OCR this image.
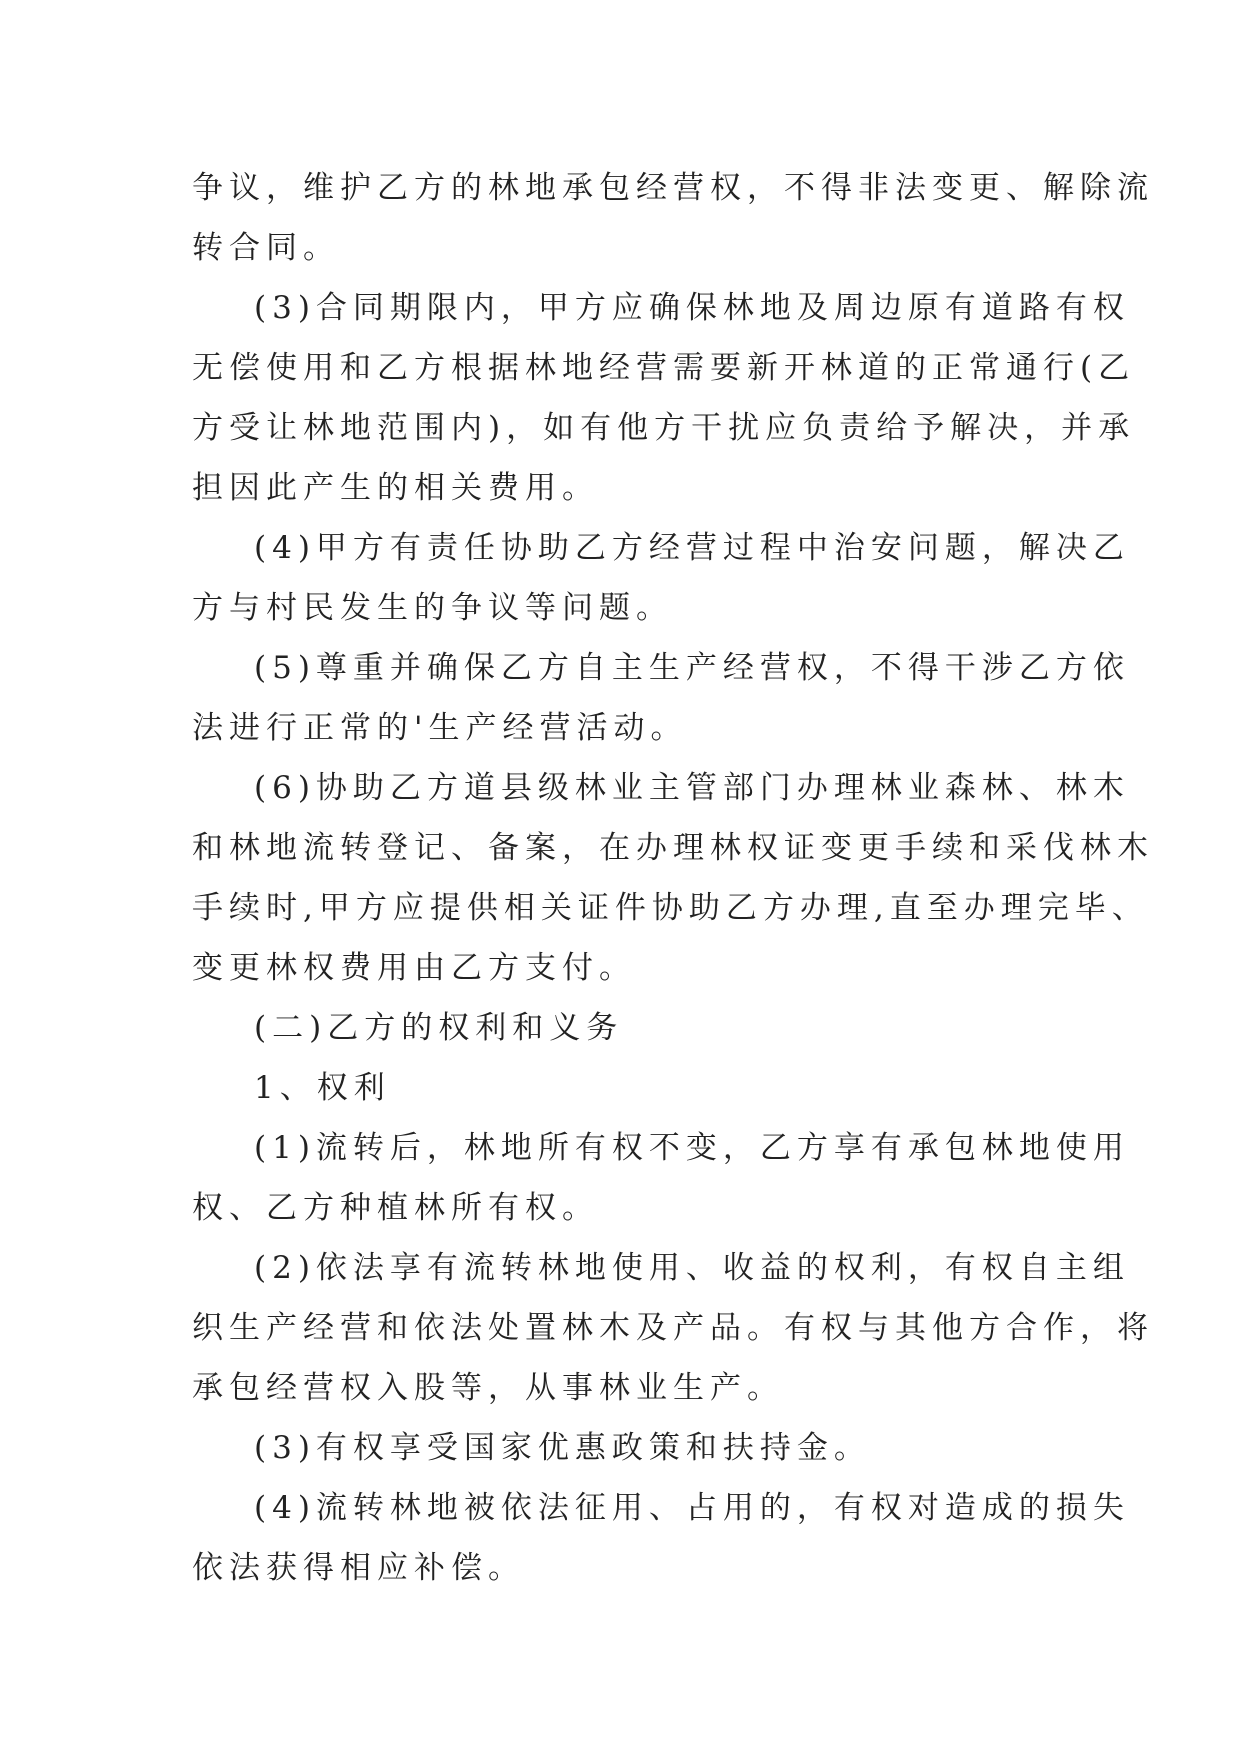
争议，维护乙方的林地承包经营权，不得非法变更、解除流
转合同。
(3)合同期限内，甲方应确保林地及周边原有道路有权
无偿使用和乙方根据林地经营需要新开林道的正常通行(乙
方受让林地范围内)，如有他方干扰应负责给予解决，并承
担因此产生的相关费用。
(4)甲方有责任协助乙方经营过程中治安问题，解决乙
方与村民发生的争议等问题。
(5)尊重并确保乙方自主生产经营权，不得干涉乙方依
法进行正常的'生产经营活动。
(6)协助乙方道县级林业主管部门办理林业森林、林木
和林地流转登记、备案，在办理林权证变更手续和采伐林木
手续时,甲方应提供相关证件协助乙方办理,直至办理完毕、
变更林权费用由乙方支付。
(二)乙方的权利和义务
1、权利
(1)流转后，林地所有权不变，乙方享有承包林地使用
权、乙方种植林所有权。
(2)依法享有流转林地使用、收益的权利，有权自主组
织生产经营和依法处置林木及产品。有权与其他方合作，将
承包经营权入股等，从事林业生产。
(3)有权享受国家优惠政策和扶持金。
(4)流转林地被依法征用、占用的，有权对造成的损失
依法获得相应补偿。
